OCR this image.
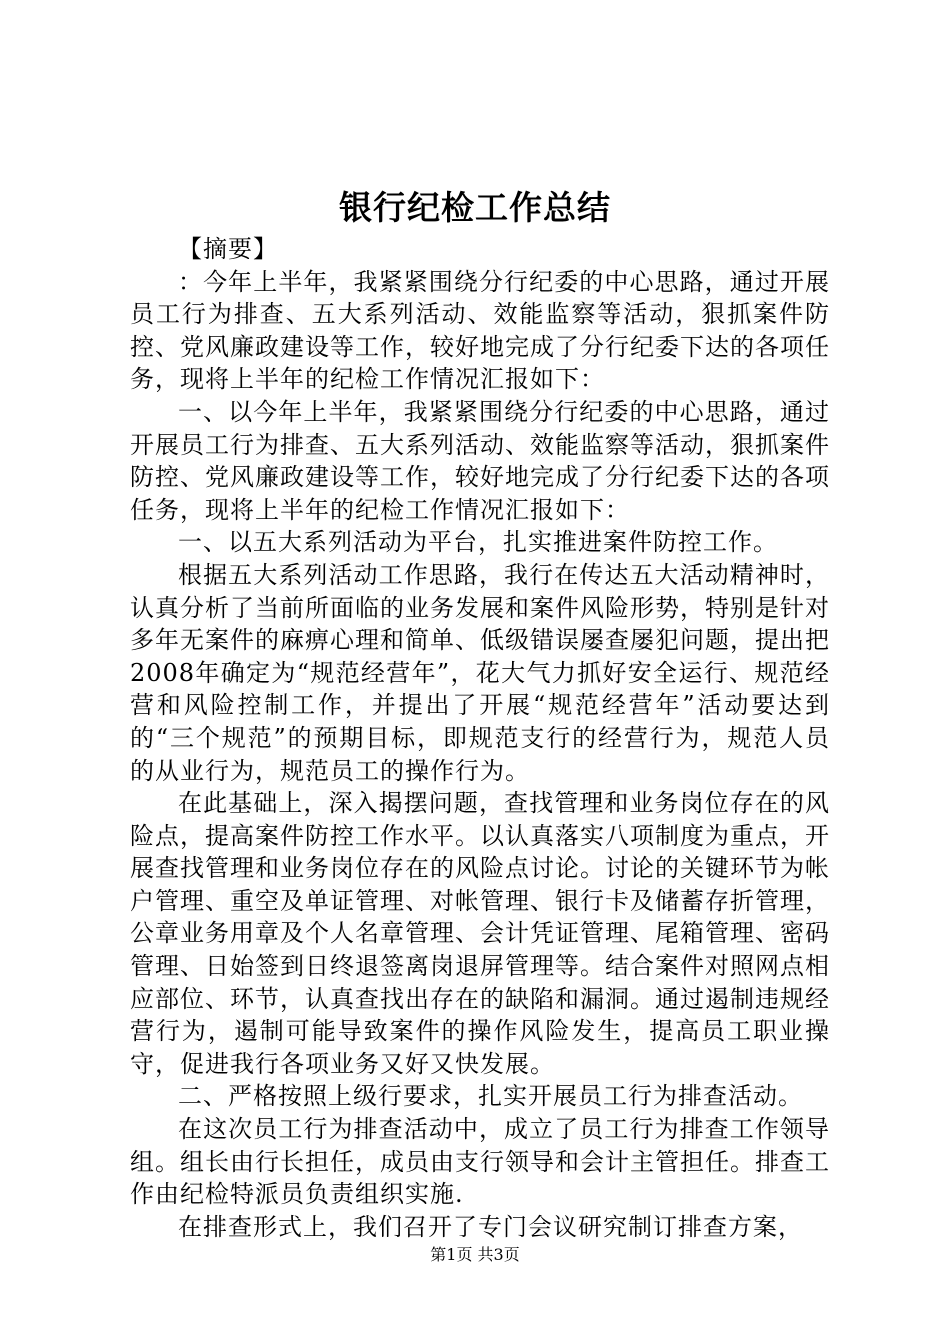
银行纪检工作总结

【摘要】

：今年上半年，我紧紧围绕分行纪委的中心思路，通过开展员工行为排查、五大系列活动、效能监察等活动，狠抓案件防控、党风廉政建设等工作，较好地完成了分行纪委下达的各项任务，现将上半年的纪检工作情况汇报如下：

一、以今年上半年，我紧紧围绕分行纪委的中心思路，通过开展员工行为排查、五大系列活动、效能监察等活动，狠抓案件防控、党风廉政建设等工作，较好地完成了分行纪委下达的各项任务，现将上半年的纪检工作情况汇报如下：

一、以五大系列活动为平台，扎实推进案件防控工作。

根据五大系列活动工作思路，我行在传达五大活动精神时，认真分析了当前所面临的业务发展和案件风险形势，特别是针对多年无案件的麻痹心理和简单、低级错误屡查屡犯问题，提出把2008年确定为“规范经营年”，花大气力抓好安全运行、规范经营和风险控制工作，并提出了开展“规范经营年”活动要达到的“三个规范”的预期目标，即规范支行的经营行为，规范人员的从业行为，规范员工的操作行为。

在此基础上，深入揭摆问题，查找管理和业务岗位存在的风险点，提高案件防控工作水平。以认真落实八项制度为重点，开展查找管理和业务岗位存在的风险点讨论。讨论的关键环节为帐户管理、重空及单证管理、对帐管理、银行卡及储蓄存折管理，公章业务用章及个人名章管理、会计凭证管理、尾箱管理、密码管理、日始签到日终退签离岗退屏管理等。结合案件对照网点相应部位、环节，认真查找出存在的缺陷和漏洞。通过遏制违规经营行为，遏制可能导致案件的操作风险发生，提高员工职业操守，促进我行各项业务又好又快发展。

二、严格按照上级行要求，扎实开展员工行为排查活动。

在这次员工行为排查活动中，成立了员工行为排查工作领导组。组长由行长担任，成员由支行领导和会计主管担任。排查工作由纪检特派员负责组织实施.

在排查形式上，我们召开了专门会议研究制订排查方案，

第1页 共3页
